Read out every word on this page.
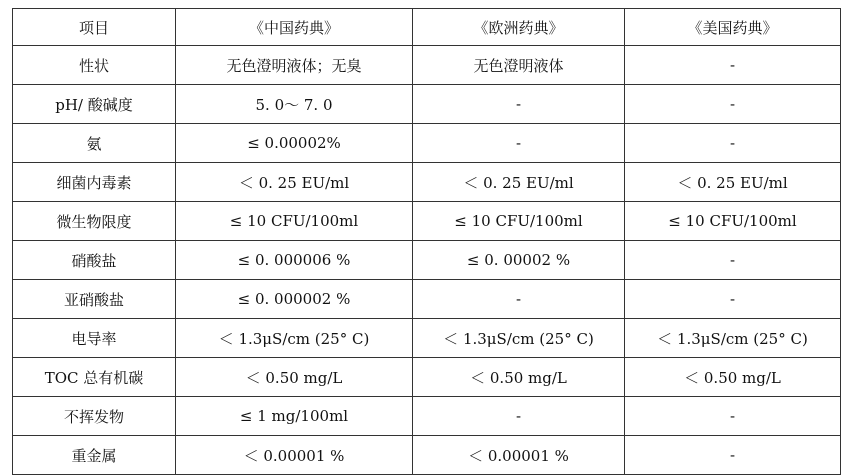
项目	《中国药典》	《欧洲药典》	《美国药典》
性状	无色澄明液体；无臭	无色澄明液体	-
pH/ 酸碱度	5. 0～ 7. 0	-	-
氨	≤ 0.00002%	-	-
细菌内毒素	＜ 0. 25 EU/ml	＜ 0. 25 EU/ml	＜ 0. 25 EU/ml
微生物限度	≤ 10 CFU/100ml	≤ 10 CFU/100ml	≤ 10 CFU/100ml
硝酸盐	≤ 0. 000006 %	≤ 0. 00002 %	-
亚硝酸盐	≤ 0. 000002 %	-	-
电导率	＜ 1.3μS/cm (25° C)	＜ 1.3μS/cm (25° C)	＜ 1.3μS/cm (25° C)
TOC 总有机碳	＜ 0.50 mg/L	＜ 0.50 mg/L	＜ 0.50 mg/L
不挥发物	≤ 1 mg/100ml	-	-
重金属	＜ 0.00001 %	＜ 0.00001 %	-
